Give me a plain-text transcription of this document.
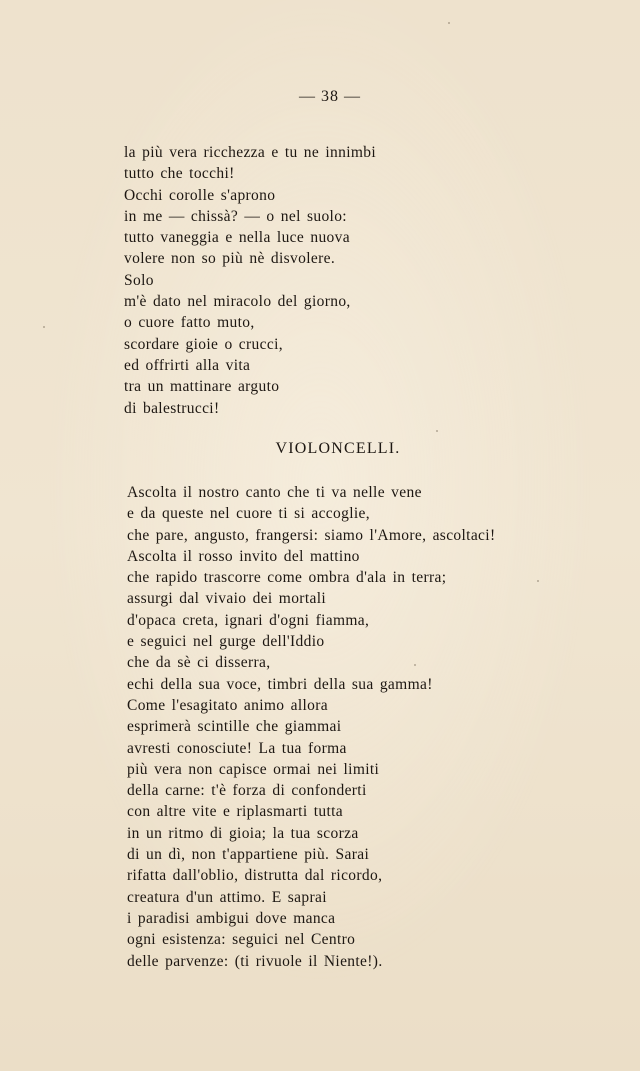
— 38 —
la più vera ricchezza e tu ne innimbi
tutto che tocchi!
Occhi corolle s'aprono
in me — chissà? — o nel suolo:
tutto vaneggia e nella luce nuova
volere non so più nè disvolere.
Solo
m'è dato nel miracolo del giorno,
o cuore fatto muto,
scordare gioie o crucci,
ed offrirti alla vita
tra un mattinare arguto
di balestrucci!
VIOLONCELLI.
Ascolta il nostro canto che ti va nelle vene
e da queste nel cuore ti si accoglie,
che pare, angusto, frangersi: siamo l'Amore, ascoltaci!
Ascolta il rosso invito del mattino
che rapido trascorre come ombra d'ala in terra;
assurgi dal vivaio dei mortali
d'opaca creta, ignari d'ogni fiamma,
e seguici nel gurge dell'Iddio
che da sè ci disserra,
echi della sua voce, timbri della sua gamma!
Come l'esagitato animo allora
esprimerà scintille che giammai
avresti conosciute! La tua forma
più vera non capisce ormai nei limiti
della carne: t'è forza di confonderti
con altre vite e riplasmarti tutta
in un ritmo di gioia; la tua scorza
di un dì, non t'appartiene più. Sarai
rifatta dall'oblio, distrutta dal ricordo,
creatura d'un attimo. E saprai
i paradisi ambigui dove manca
ogni esistenza: seguici nel Centro
delle parvenze: (ti rivuole il Niente!).
